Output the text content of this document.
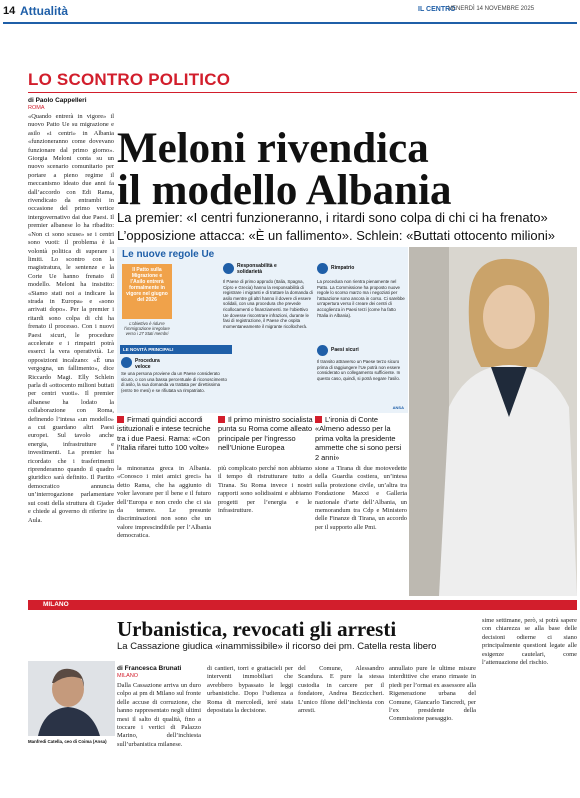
14 Attualità	IL CENTRO
VENERDÌ 14 NOVEMBRE 2025
LO SCONTRO POLITICO
di Paolo Cappelleri
ROMA
«Quando entrerà in vigore» il nuovo Patto Ue su migrazione e asilo «i centri» in Albania «funzioneranno come dovevano funzionare dal primo giorno». Giorgia Meloni conta su un nuovo scenario comunitario per portare a pieno regime il meccanismo ideato due anni fa dall’accordo con Edi Rama, rivendicato da entrambi in occasione del primo vertice intergovernativo dai due Paesi. Il premier albanese lo ha ribadito: «Non ci sono scuse» se i centri sono vuoti: il problema è la volontà politica di superare i limiti. Lo scontro con la magistratura, le sentenze e la Corte Ue hanno frenato il modello. Meloni ha insistito: «Siamo stati noi a indicare la strada in Europa» e «sono arrivati dopo». Per la premier i ritardi sono colpa di chi ha frenato il processo. Con i nuovi Paesi sicuri, le procedure accelerate e i rimpatri potrà esserci la vera operatività. Le opposizioni incalzano: «È una vergogna, un fallimento», dice Riccardo Magi. Elly Schlein parla di «ottocento milioni buttati per centri vuoti». Il premier albanese ha lodato la collaborazione con Roma, definendo l’intesa «un modello» a cui guardano altri Paesi europei. Sul tavolo anche energia, infrastrutture e investimenti. La premier ha ricordato che i trasferimenti riprenderanno quando il quadro giuridico sarà definito. Il Partito democratico annuncia un’interrogazione parlamentare sui costi della struttura di Gjader e chiede al governo di riferire in Aula.
Meloni rivendica
il modello Albania
La premier: «I centri funzioneranno, i ritardi sono colpa di chi ci ha frenato»
L’opposizione attacca: «È un fallimento». Schlein: «Buttati ottocento milioni»
Le nuove regole Ue
Il Patto sulla Migrazione e l’Asilo entrerà formalmente in vigore nel giugno del 2026
L’obiettivo è ridurre l’immigrazione irregolare verso i 27 Stati membri
LE NOVITÀ PRINCIPALI
Procedura veloce
Se una persona proviene da un Paese considerato sicuro, o con una bassa percentuale di riconoscimento di asilo, la sua domanda va trattata per direttissima (entro tre mesi) e se rifiutata va rimpatriato.
Responsabilità e solidarietà
Il Paese di primo approdo (Italia, Spagna, Cipro e Grecia) hanno la responsabilità di registrare i migranti e di trattare la domanda di asilo mentre gli altri hanno il dovere di essere solidali, con una procedura che prevede ricollocamenti o finanziamenti. Se l’obiettivo Ue dovesse riscontrare infrazioni, durante le fasi di registrazione, il Paese che ospita momentaneamente il migrante ricollocherà.
Rimpatrio
La procedura non rientra pienamente nel Patto. La Commissione ha proposto nuove regole lo scorso marzo ma i negoziati per l’attuazione sono ancora in corso. Ci sarebbe un’apertura verso il creare dei centri di accoglienza in Paesi terzi (come ha fatto l’Italia in Albania).
Paesi sicuri
Il transito attraverso un Paese terzo sicuro prima di raggiungere l’Ue potrà non essere considerato un collegamento sufficiente. In questo caso, quindi, si potrà negare l’asilo.
ANSA
Firmati quindici accordi istituzionali e intese tecniche tra i due Paesi. Rama: «Con l’Italia rifarei tutto 100 volte»
Il primo ministro socialista punta su Roma come alleato principale per l’ingresso nell’Unione Europea
L’ironia di Conte «Almeno adesso per la prima volta la presidente ammette che si sono persi 2 anni»
la minoranza greca in Albania. «Conosco i miei amici greci» ha detto Rama, che ha aggiunto di voler lavorare per il bene e il futuro dell’Europa e non credo che ci sia da temere. Le presunte discriminazioni non sono che un valore imprescindibile per l’Albania democratica.
più complicato perché non abbiamo il tempo di ristrutturare tutto a Tirana. Su Roma invece i nostri rapporti sono solidissimi e abbiamo progetti per l’energia e le infrastrutture.
sione a Tirana di due motovedette della Guardia costiera, un’intesa sulla protezione civile, un’altra tra Fondazione Maxxi e Galleria nazionale d’arte dell’Albania, un memorandum tra Cdp e Ministero delle Finanze di Tirana, un accordo per il supporto alle Pmi.
MILANO
Urbanistica, revocati gli arresti
La Cassazione giudica «inammissibile» il ricorso dei pm. Catella resta libero
Manfredi Catella, ceo di Coima (Ansa)
di Francesca Brunati
MILANO
Dalla Cassazione arriva un duro colpo ai pm di Milano sul fronte delle accuse di corruzione, che hanno rappresentato negli ultimi mesi il salto di qualità, fino a toccare i vertici di Palazzo Marino, dell’inchiesta sull’urbanistica milanese.
di cantieri, torri e grattacieli per interventi immobiliari che avrebbero bypassato le leggi urbanistiche. Dopo l’udienza a Roma di mercoledì, ieré stata depositata la decisione.
del Comune, Alessandro Scandura. E pure la stessa custodia in carcere per il fondatore, Andrea Bezziccheri. L’unico filone dell’inchiesta con arresti.
annullato pure le ultime misure interdittive che erano rimaste in piedi per l’ormai ex assessore alla Rigenerazione urbana del Comune, Giancarlo Tancredi, per l’ex presidente della Commissione paesaggio.
sime settimane, però, si potrà sapere con chiarezza se alla base delle decisioni odierne ci siano principalmente questioni legate alle esigenze cautelari, come l’attenuazione del rischio.
